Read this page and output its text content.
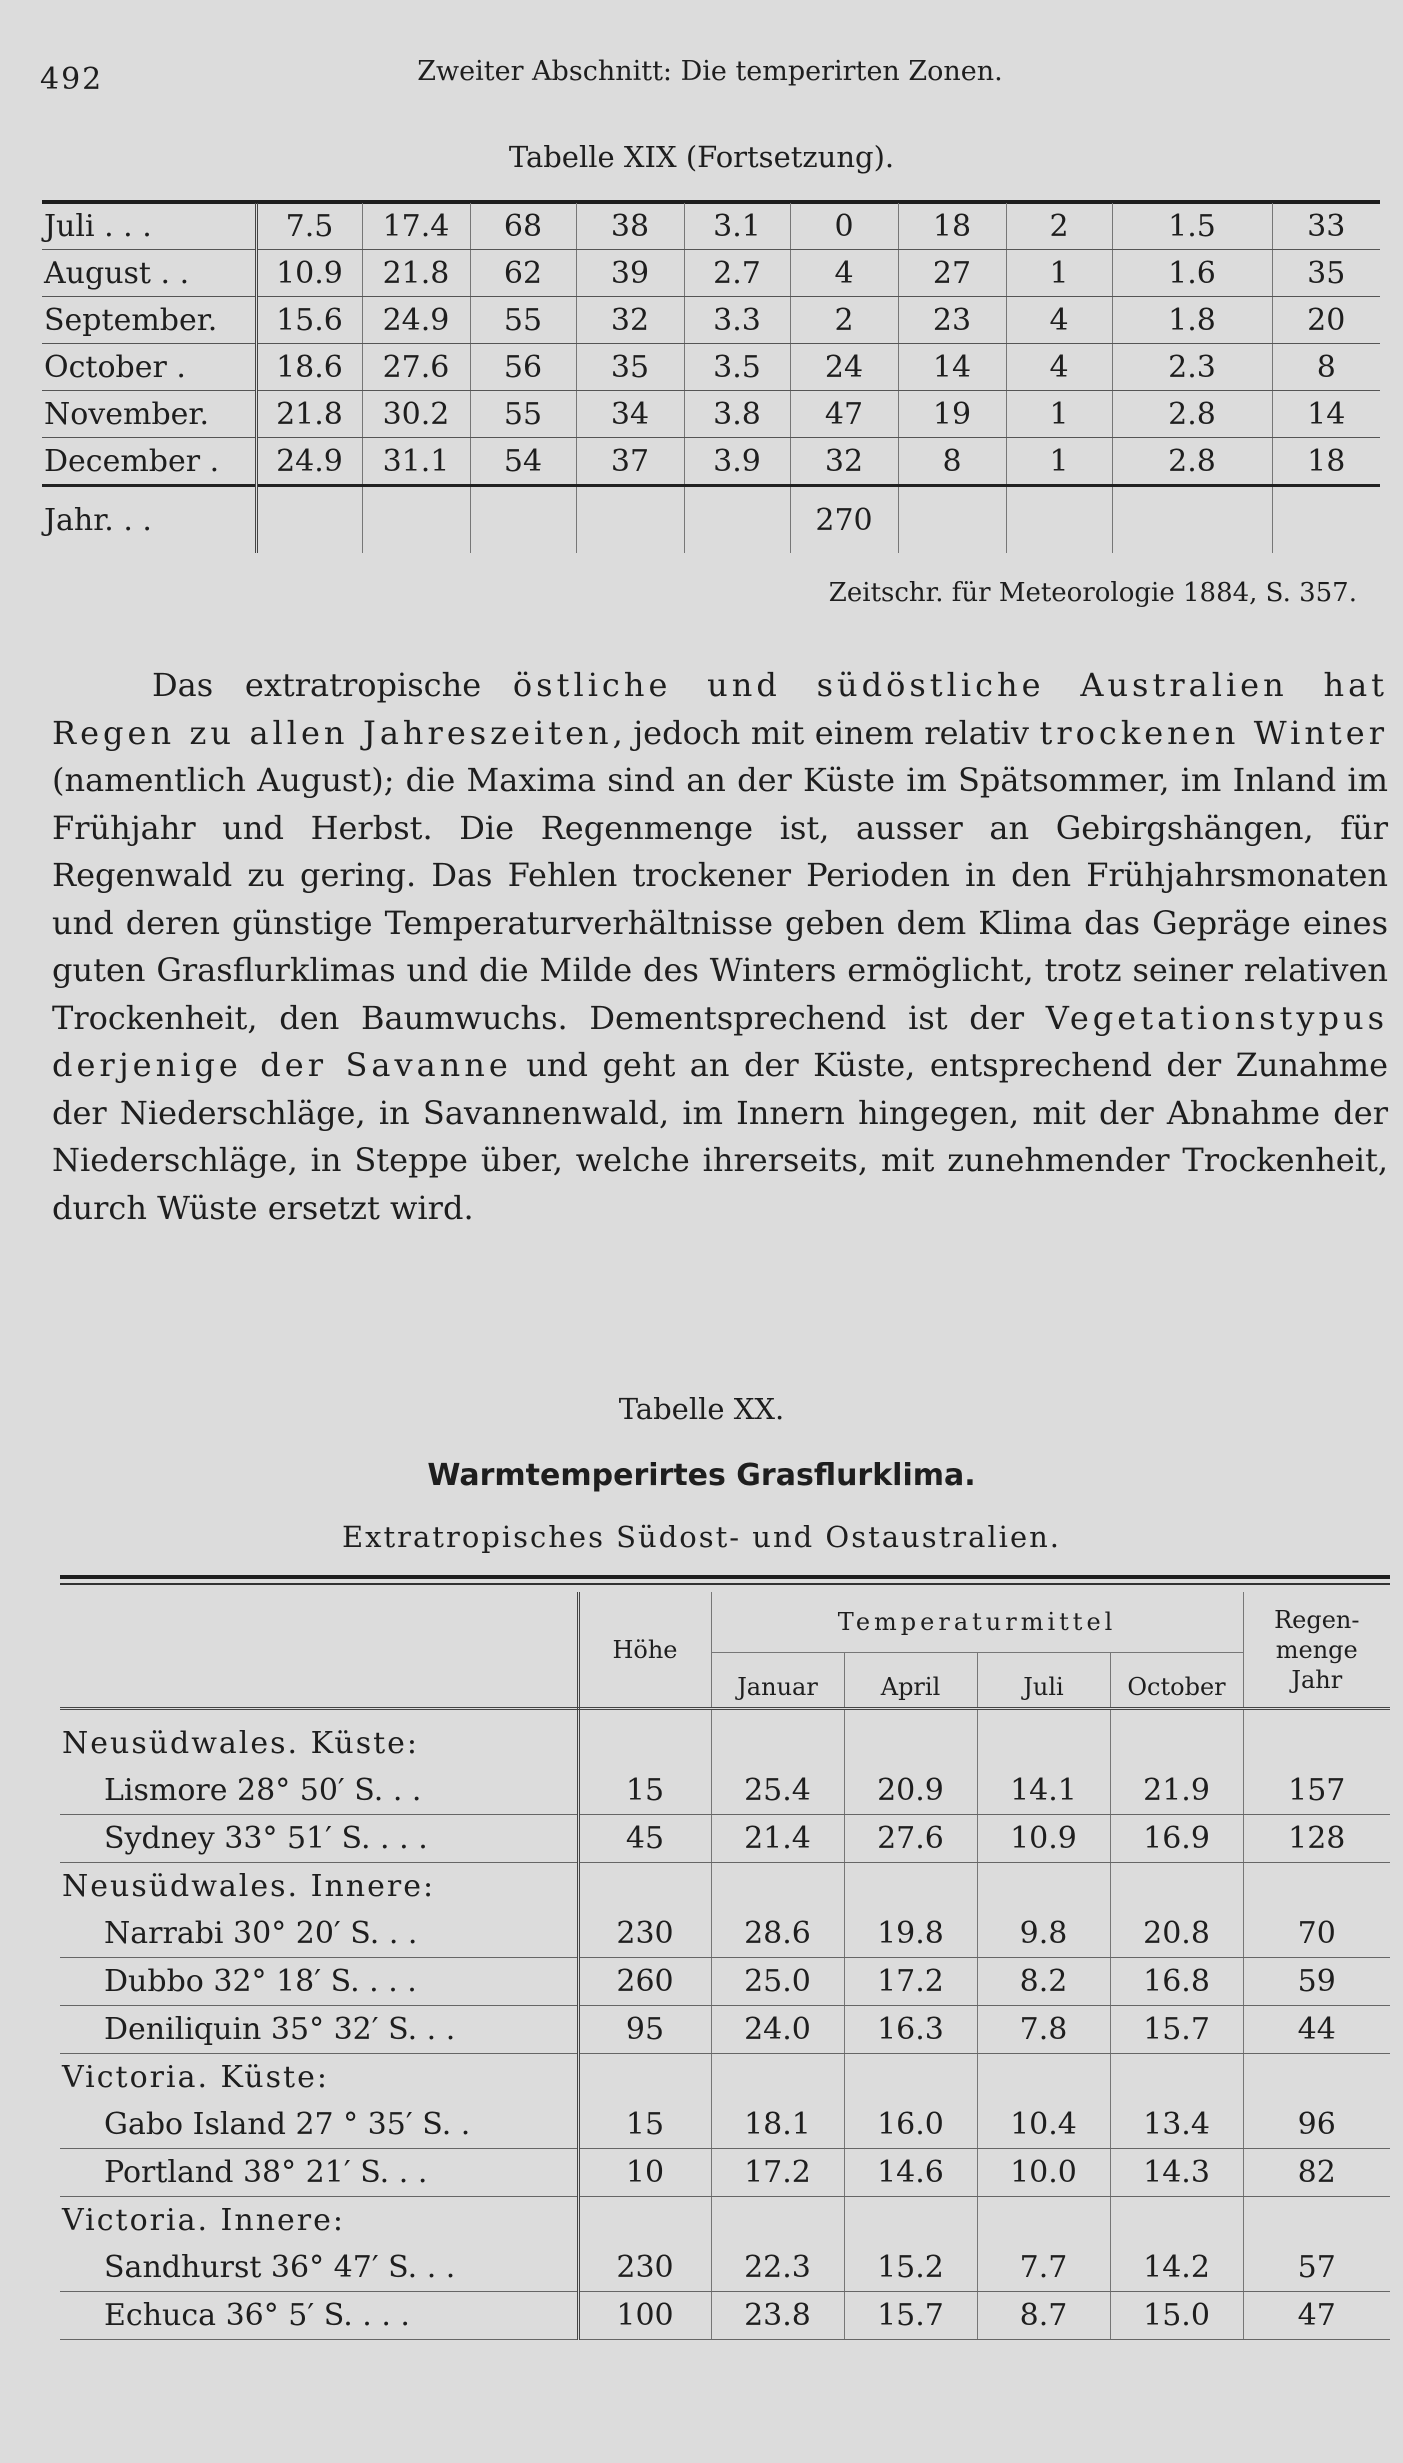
492	Zweiter Abschnitt: Die temperirten Zonen.
Tabelle XIX (Fortsetzung).
Juli . . .	7.5	17.4	68	38	3.1	0	18	2	1.5	33
August . .	10.9	21.8	62	39	2.7	4	27	1	1.6	35
September.	15.6	24.9	55	32	3.3	2	23	4	1.8	20
October .	18.6	27.6	56	35	3.5	24	14	4	2.3	8
November.	21.8	30.2	55	34	3.8	47	19	1	2.8	14
December .	24.9	31.1	54	37	3.9	32	8	1	2.8	18
Jahr. . .						270				
Zeitschr. für Meteorologie 1884, S. 357.
Das extratropische östliche und südöstliche Australien hat Regen zu allen Jahreszeiten, jedoch mit einem relativ trockenen Winter (namentlich August); die Maxima sind an der Küste im Spätsommer, im Inland im Frühjahr und Herbst. Die Regenmenge ist, ausser an Gebirgshängen, für Regenwald zu gering. Das Fehlen trockener Perioden in den Frühjahrsmonaten und deren günstige Temperaturverhältnisse geben dem Klima das Gepräge eines guten Grasflurklimas und die Milde des Winters ermöglicht, trotz seiner relativen Trockenheit, den Baumwuchs. Dementsprechend ist der Vegetationstypus derjenige der Savanne und geht an der Küste, entsprechend der Zunahme der Niederschläge, in Savannenwald, im Innern hingegen, mit der Abnahme der Niederschläge, in Steppe über, welche ihrerseits, mit zunehmender Trockenheit, durch Wüste ersetzt wird.
Tabelle XX.
Warmtemperirtes Grasflurklima.
Extratropisches Südost- und Ostaustralien.
	Höhe	Temperaturmittel				Regen-
menge
Jahr
		Januar	April	Juli	October	
Neusüdwales. Küste:						
Lismore 28° 50′ S. . .	15	25.4	20.9	14.1	21.9	157
Sydney 33° 51′ S. . . .	45	21.4	27.6	10.9	16.9	128
Neusüdwales. Innere:						
Narrabi 30° 20′ S. . .	230	28.6	19.8	9.8	20.8	70
Dubbo 32° 18′ S. . . .	260	25.0	17.2	8.2	16.8	59
Deniliquin 35° 32′ S. . .	95	24.0	16.3	7.8	15.7	44
Victoria. Küste:						
Gabo Island 27 ° 35′ S. .	15	18.1	16.0	10.4	13.4	96
Portland 38° 21′ S. . .	10	17.2	14.6	10.0	14.3	82
Victoria. Innere:						
Sandhurst 36° 47′ S. . .	230	22.3	15.2	7.7	14.2	57
Echuca 36° 5′ S. . . .	100	23.8	15.7	8.7	15.0	47
